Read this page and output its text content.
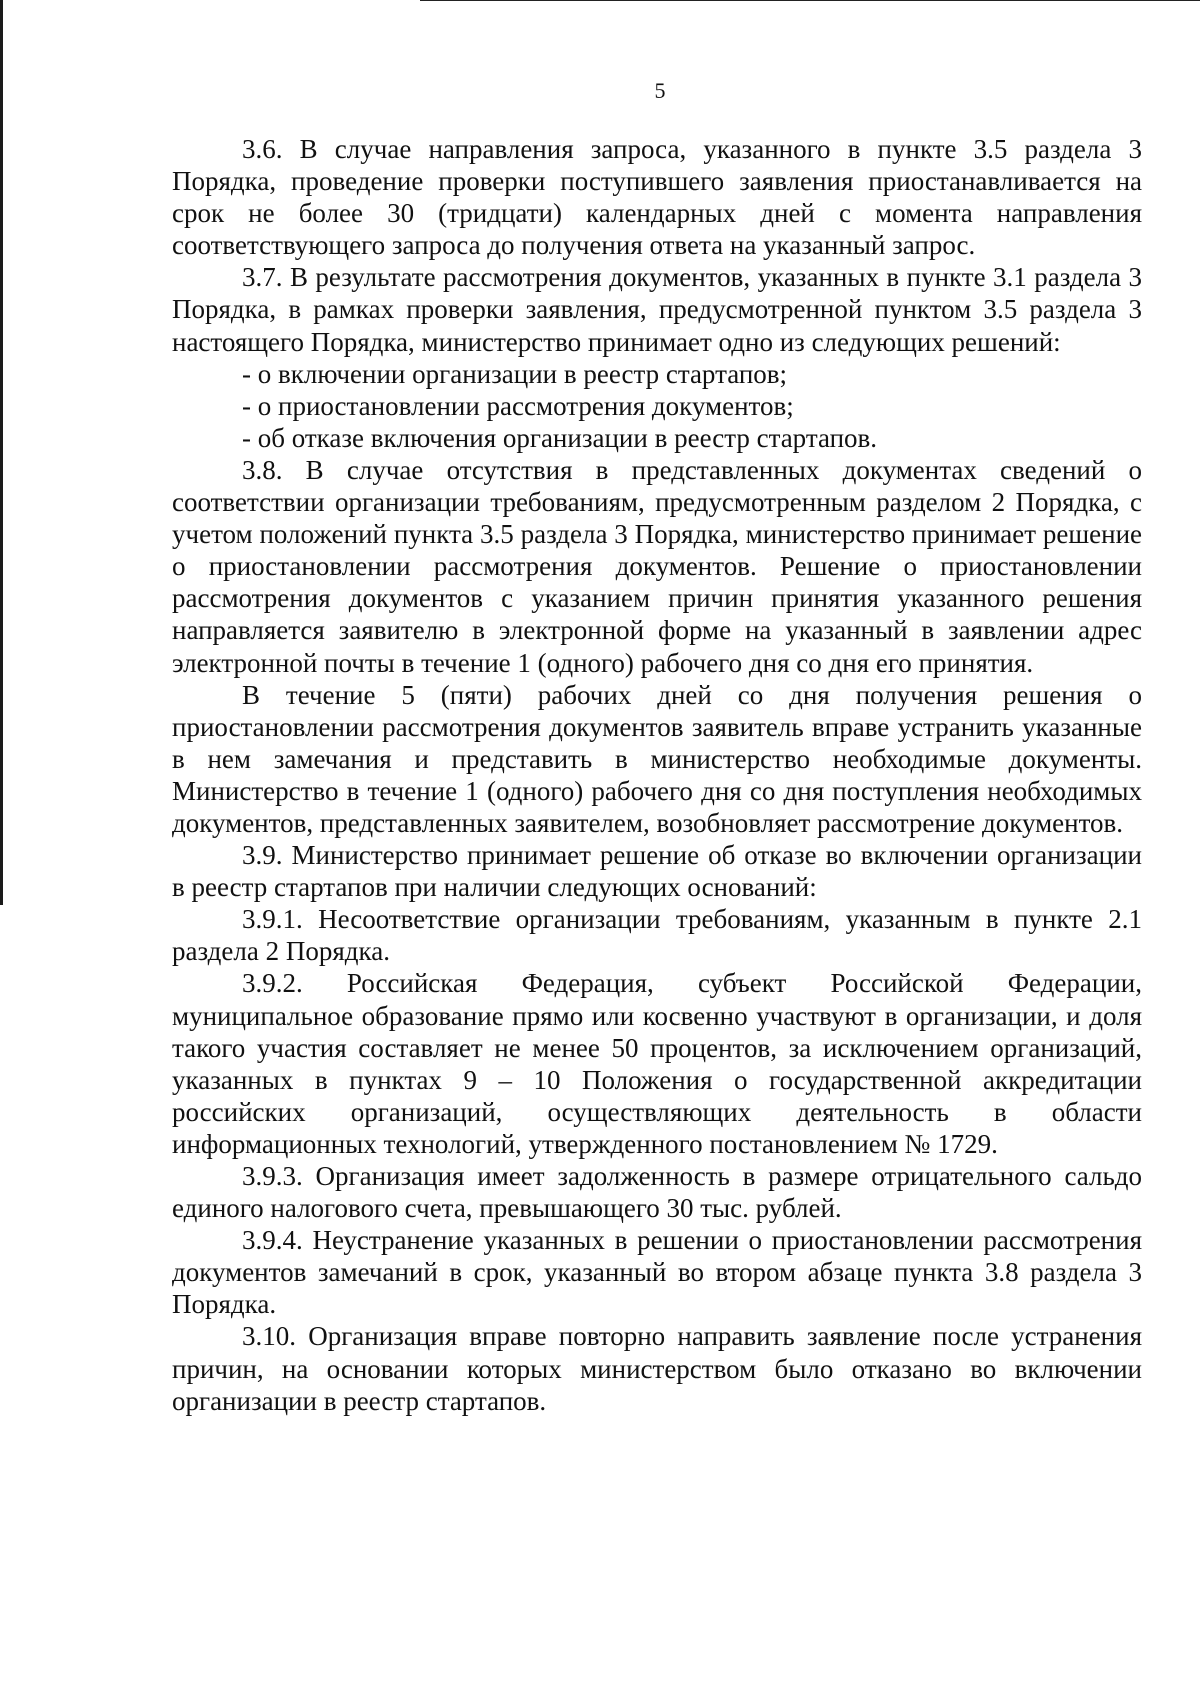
5

3.6. В случае направления запроса, указанного в пункте 3.5 раздела 3 Порядка, проведение проверки поступившего заявления приостанавливается на срок не более 30 (тридцати) календарных дней с момента направления соответствующего запроса до получения ответа на указанный запрос.

3.7. В результате рассмотрения документов, указанных в пункте 3.1 раздела 3 Порядка, в рамках проверки заявления, предусмотренной пунктом 3.5 раздела 3 настоящего Порядка, министерство принимает одно из следующих решений:

- о включении организации в реестр стартапов;

- о приостановлении рассмотрения документов;

- об отказе включения организации в реестр стартапов.

3.8. В случае отсутствия в представленных документах сведений о соответствии организации требованиям, предусмотренным разделом 2 Порядка, с учетом положений пункта 3.5 раздела 3 Порядка, министерство принимает решение о приостановлении рассмотрения документов. Решение о приостановлении рассмотрения документов с указанием причин принятия указанного решения направляется заявителю в электронной форме на указанный в заявлении адрес электронной почты в течение 1 (одного) рабочего дня со дня его принятия.

В течение 5 (пяти) рабочих дней со дня получения решения о приостановлении рассмотрения документов заявитель вправе устранить указанные в нем замечания и представить в министерство необходимые документы. Министерство в течение 1 (одного) рабочего дня со дня поступления необходимых документов, представленных заявителем, возобновляет рассмотрение документов.

3.9. Министерство принимает решение об отказе во включении организации в реестр стартапов при наличии следующих оснований:

3.9.1. Несоответствие организации требованиям, указанным в пункте 2.1 раздела 2 Порядка.

3.9.2. Российская Федерация, субъект Российской Федерации, муниципальное образование прямо или косвенно участвуют в организации, и доля такого участия составляет не менее 50 процентов, за исключением организаций, указанных в пунктах 9 – 10 Положения о государственной аккредитации российских организаций, осуществляющих деятельность в области информационных технологий, утвержденного постановлением № 1729.

3.9.3. Организация имеет задолженность в размере отрицательного сальдо единого налогового счета, превышающего 30 тыс. рублей.

3.9.4. Неустранение указанных в решении о приостановлении рассмотрения документов замечаний в срок, указанный во втором абзаце пункта 3.8 раздела 3 Порядка.

3.10. Организация вправе повторно направить заявление после устранения причин, на основании которых министерством было отказано во включении организации в реестр стартапов.
